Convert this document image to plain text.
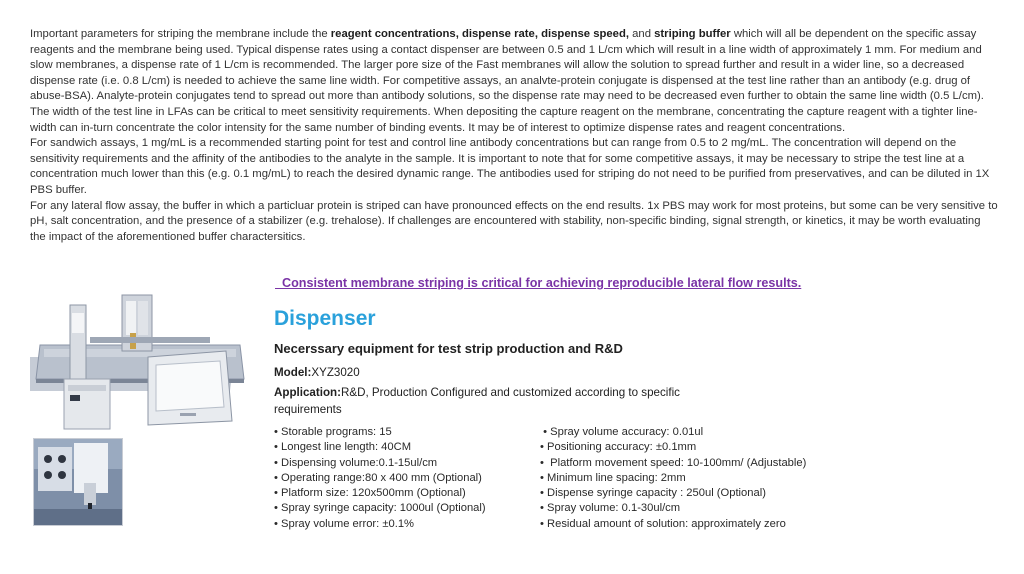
Important parameters for striping the membrane include the reagent concentrations, dispense rate, dispense speed, and striping buffer which will all be dependent on the specific assay reagents and the membrane being used. Typical dispense rates using a contact dispenser are between 0.5 and 1 L/cm which will result in a line width of approximately 1 mm. For medium and slow membranes, a dispense rate of 1 L/cm is recommended. The larger pore size of the Fast membranes will allow the solution to spread further and result in a wider line, so a decreased dispense rate (i.e. 0.8 L/cm) is needed to achieve the same line width. For competitive assays, an analvte-protein conjugate is dispensed at the test line rather than an antibody (e.g. drug of abuse-BSA). Analyte-protein conjugates tend to spread out more than antibody solutions, so the dispense rate may need to be decreased even further to obtain the same line width (0.5 L/cm). The width of the test line in LFAs can be critical to meet sensitivity requirements. When depositing the capture reagent on the membrane, concentrating the capture reagent with a tighter line-width can in-turn concentrate the color intensity for the same number of binding events. It may be of interest to optimize dispense rates and reagent concentrations.

For sandwich assays, 1 mg/mL is a recommended starting point for test and control line antibody concentrations but can range from 0.5 to 2 mg/mL. The concentration will depend on the sensitivity requirements and the affinity of the antibodies to the analyte in the sample. It is important to note that for some competitive assays, it may be necessary to stripe the test line at a concentration much lower than this (e.g. 0.1 mg/mL) to reach the desired dynamic range. The antibodies used for striping do not need to be purified from preservatives, and can be diluted in 1X PBS buffer.

For any lateral flow assay, the buffer in which a particluar protein is striped can have pronounced effects on the end results. 1x PBS may work for most proteins, but some can be very sensitive to pH, salt concentration, and the presence of a stabilizer (e.g. trehalose). If challenges are encountered with stability, non-specific binding, signal strength, or kinetics, it may be worth evaluating the impact of the aforementioned buffer charactersitics.

Consistent membrane striping is critical for achieving reproducible lateral flow results.
Dispenser
Necerssary equipment for test strip production and R&D
Model:XYZ3020
Application:R&D, Production Configured and customized according to specific requirements
• Storable programs: 15
• Longest line length: 40CM
• Dispensing volume:0.1-15ul/cm
• Operating range:80 x 400 mm (Optional)
• Platform size: 120x500mm (Optional)
• Spray syringe capacity: 1000ul (Optional)
• Spray volume error: ±0.1%
• Spray volume accuracy: 0.01ul
• Positioning accuracy: ±0.1mm
•  Platform movement speed: 10-100mm/ (Adjustable)
• Minimum line spacing: 2mm
• Dispense syringe capacity : 250ul (Optional)
• Spray volume: 0.1-30ul/cm
• Residual amount of solution: approximately zero
